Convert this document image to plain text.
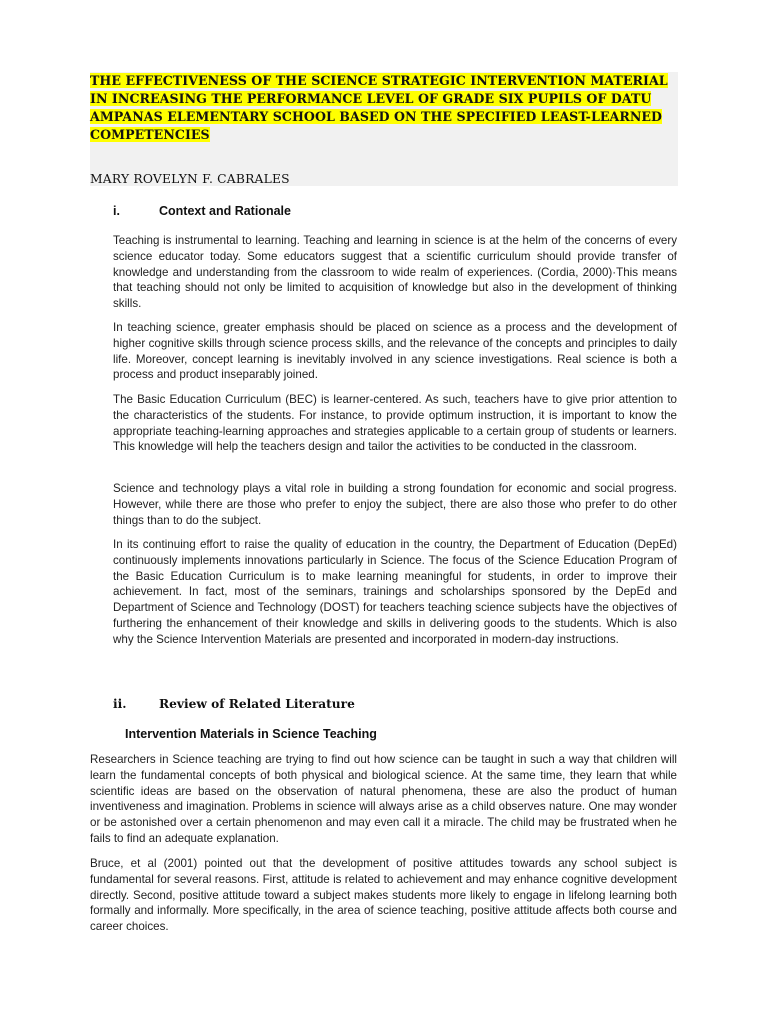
THE EFFECTIVENESS OF THE SCIENCE STRATEGIC INTERVENTION MATERIAL IN INCREASING THE PERFORMANCE LEVEL OF GRADE SIX PUPILS OF DATU AMPANAS ELEMENTARY SCHOOL BASED ON THE SPECIFIED LEAST-LEARNED COMPETENCIES

MARY ROVELYN F. CABRALES
i.	Context and Rationale

Teaching is instrumental to learning. Teaching and learning in science is at the helm of the concerns of every science educator today. Some educators suggest that a scientific curriculum should provide transfer of knowledge and understanding from the classroom to wide realm of experiences. (Cordia, 2000)·This means that teaching should not only be limited to acquisition of knowledge but also in the development of thinking skills.

In teaching science, greater emphasis should be placed on science as a process and the development of higher cognitive skills through science process skills, and the relevance of the concepts and principles to daily life. Moreover, concept learning is inevitably involved in any science investigations. Real science is both a process and product inseparably joined.

The Basic Education Curriculum (BEC) is learner-centered. As such, teachers have to give prior attention to the characteristics of the students. For instance, to provide optimum instruction, it is important to know the appropriate teaching-learning approaches and strategies applicable to a certain group of students or learners. This knowledge will help the teachers design and tailor the activities to be conducted in the classroom.

Science and technology plays a vital role in building a strong foundation for economic and social progress. However, while there are those who prefer to enjoy the subject, there are also those who prefer to do other things than to do the subject.

In its continuing effort to raise the quality of education in the country, the Department of Education (DepEd) continuously implements innovations particularly in Science. The focus of the Science Education Program of the Basic Education Curriculum is to make learning meaningful for students, in order to improve their achievement. In fact, most of the seminars, trainings and scholarships sponsored by the DepEd and Department of Science and Technology (DOST) for teachers teaching science subjects have the objectives of furthering the enhancement of their knowledge and skills in delivering goods to the students. Which is also why the Science Intervention Materials are presented and incorporated in modern-day instructions.

ii.	Review of Related Literature
Intervention Materials in Science Teaching

Researchers in Science teaching are trying to find out how science can be taught in such a way that children will learn the fundamental concepts of both physical and biological science. At the same time, they learn that while scientific ideas are based on the observation of natural phenomena, these are also the product of human inventiveness and imagination. Problems in science will always arise as a child observes nature. One may wonder or be astonished over a certain phenomenon and may even call it a miracle. The child may be frustrated when he fails to find an adequate explanation.

Bruce, et al (2001) pointed out that the development of positive attitudes towards any school subject is fundamental for several reasons. First, attitude is related to achievement and may enhance cognitive development directly. Second, positive attitude toward a subject makes students more likely to engage in lifelong learning both formally and informally. More specifically, in the area of science teaching, positive attitude affects both course and career choices.
